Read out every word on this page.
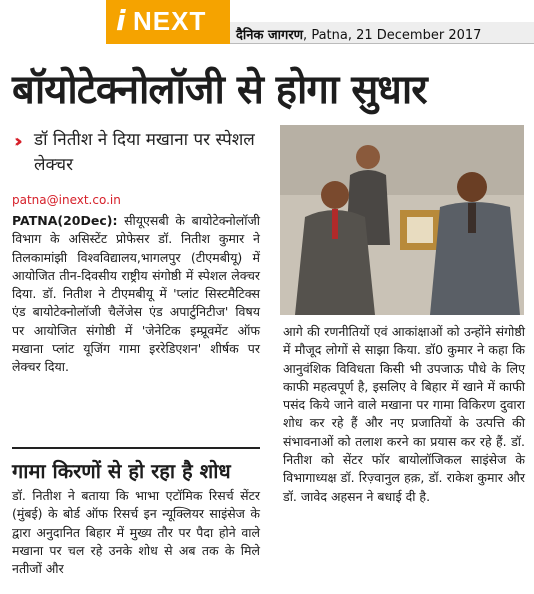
i NEXT दैनिक जागरण, Patna, 21 December 2017
बॉयोटेक्नोलॉजी से होगा सुधार
›› डॉ नितीश ने दिया मखाना पर स्पेशल लेक्चर
patna@inext.co.in
PATNA(20Dec): सीयूएसबी के बायोटेक्नोलॉजी विभाग के असिस्टेंट प्रोफेसर डॉ. नितीश कुमार ने तिलकामांझी विश्वविद्यालय,भागलपुर (टीएमबीयू) में आयोजित तीन-दिवसीय राष्ट्रीय संगोष्ठी में स्पेशल लेक्चर दिया. डॉ. नितीश ने टीएमबीयू में 'प्लांट सिस्टमैटिक्स एंड बायोटेक्नोलॉजी चैलेंजेस एंड अपार्टुनिटीज' विषय पर आयोजित संगोष्ठी में 'जेनेटिक इम्प्रूवमेंट ऑफ मखाना प्लांट यूजिंग गामा इररेडिएशन' शीर्षक पर लेक्चर दिया.
गामा किरणों से हो रहा है शोध
डॉ. नितीश ने बताया कि भाभा एटॉमिक रिसर्च सेंटर (मुंबई) के बोर्ड ऑफ रिसर्च इन न्यूक्लियर साइंसेज के द्वारा अनुदानित बिहार में मुख्य तौर पर पैदा होने वाले मखाना पर चल रहे उनके शोध से अब तक के मिले नतीजों और
आगे की रणनीतियों एवं आकांक्षाओं को उन्होंने संगोष्ठी में मौजूद लोगों से साझा किया. डॉ0 कुमार ने कहा कि आनुवंशिक विविधता किसी भी उपजाऊ पौधे के लिए काफी महत्वपूर्ण है, इसलिए वे बिहार में खाने में काफी पसंद किये जाने वाले मखाना पर गामा विकिरण दुवारा शोध कर रहे हैं और नए प्रजातियों के उत्पत्ति की संभावनाओं को तलाश करने का प्रयास कर रहे हैं. डॉ. नितीश को सेंटर फॉर बायोलॉजिकल साइंसेज के विभागाध्यक्ष डॉ. रिज़्वानुल हक़, डॉ. राकेश कुमार और डॉ. जावेद अहसन ने बधाई दी है.
